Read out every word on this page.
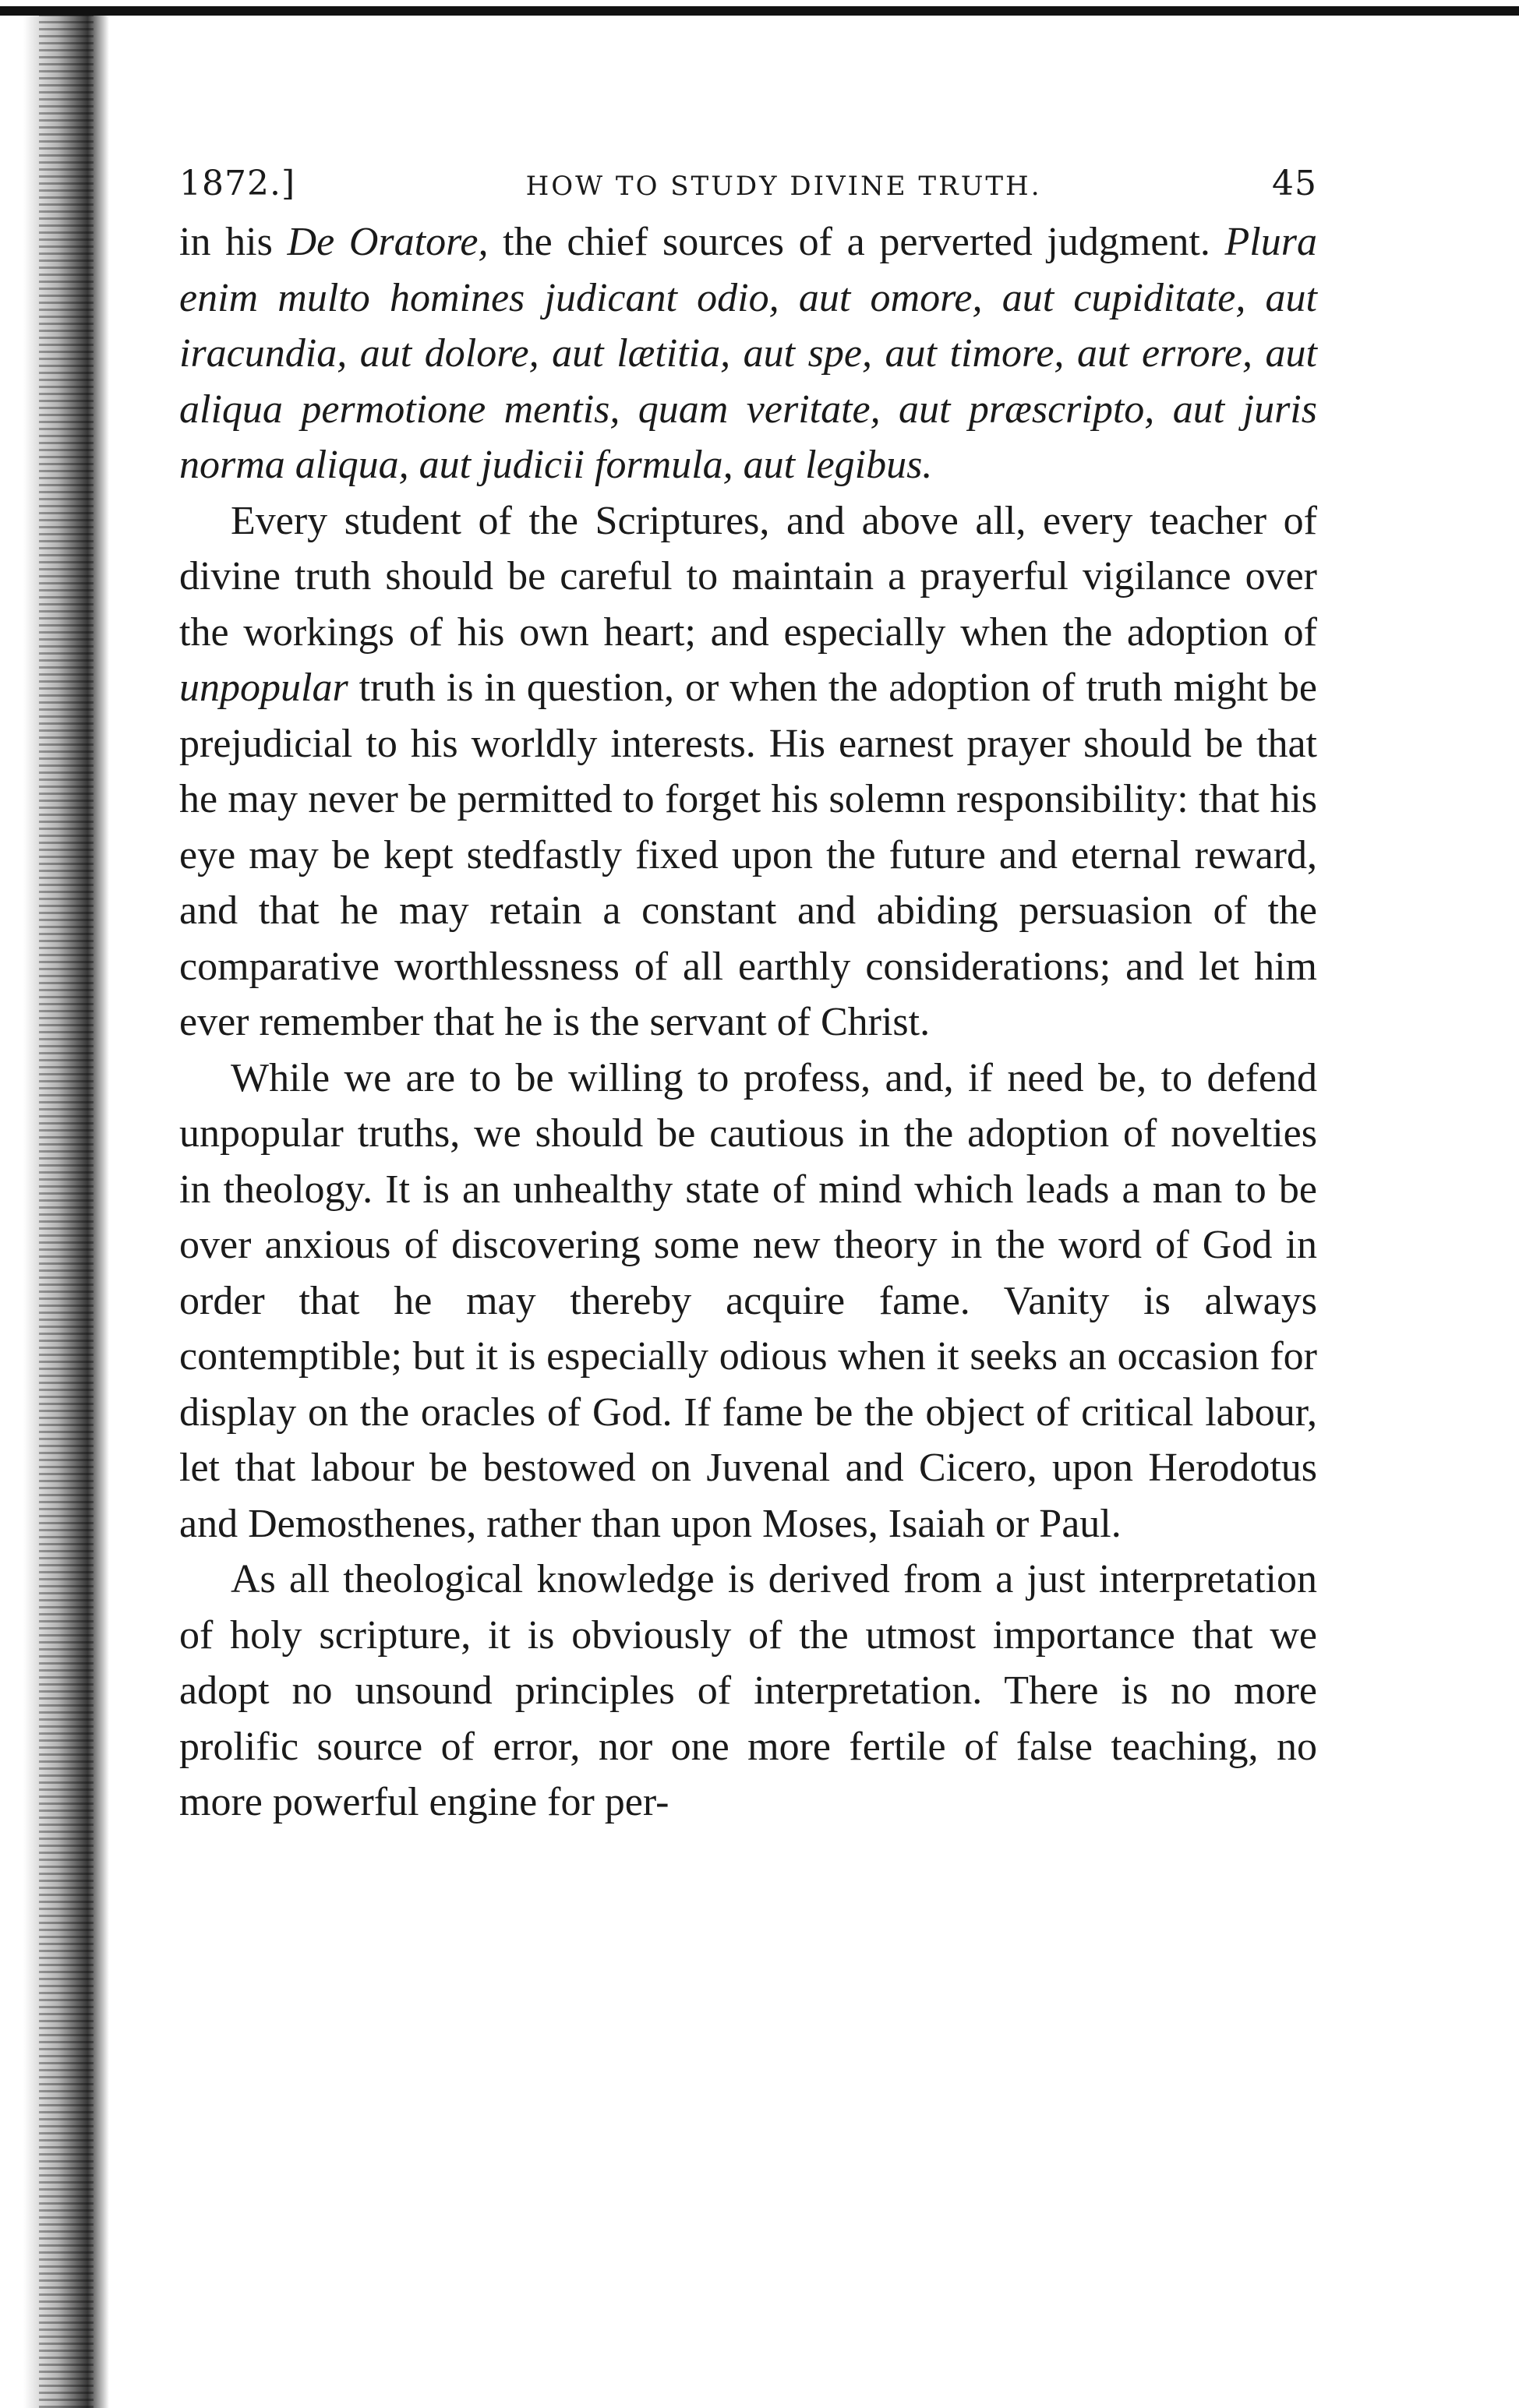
1872.]	HOW TO STUDY DIVINE TRUTH.	45

in his De Oratore, the chief sources of a perverted judgment. Plura enim multo homines judicant odio, aut omore, aut cupiditate, aut iracundia, aut dolore, aut lætitia, aut spe, aut timore, aut errore, aut aliqua permotione mentis, quam veritate, aut præscripto, aut juris norma aliqua, aut judicii formula, aut legibus.

Every student of the Scriptures, and above all, every teacher of divine truth should be careful to maintain a prayerful vigilance over the workings of his own heart; and especially when the adoption of unpopular truth is in question, or when the adoption of truth might be prejudicial to his worldly interests. His earnest prayer should be that he may never be permitted to forget his solemn responsibility: that his eye may be kept stedfastly fixed upon the future and eternal reward, and that he may retain a constant and abiding persuasion of the comparative worthlessness of all earthly considerations; and let him ever remember that he is the servant of Christ.

While we are to be willing to profess, and, if need be, to defend unpopular truths, we should be cautious in the adoption of novelties in theology. It is an unhealthy state of mind which leads a man to be over anxious of discovering some new theory in the word of God in order that he may thereby acquire fame. Vanity is always contemptible; but it is especially odious when it seeks an occasion for display on the oracles of God. If fame be the object of critical labour, let that labour be bestowed on Juvenal and Cicero, upon Herodotus and Demosthenes, rather than upon Moses, Isaiah or Paul.

As all theological knowledge is derived from a just interpretation of holy scripture, it is obviously of the utmost importance that we adopt no unsound principles of interpretation. There is no more prolific source of error, nor one more fertile of false teaching, no more powerful engine for per-
